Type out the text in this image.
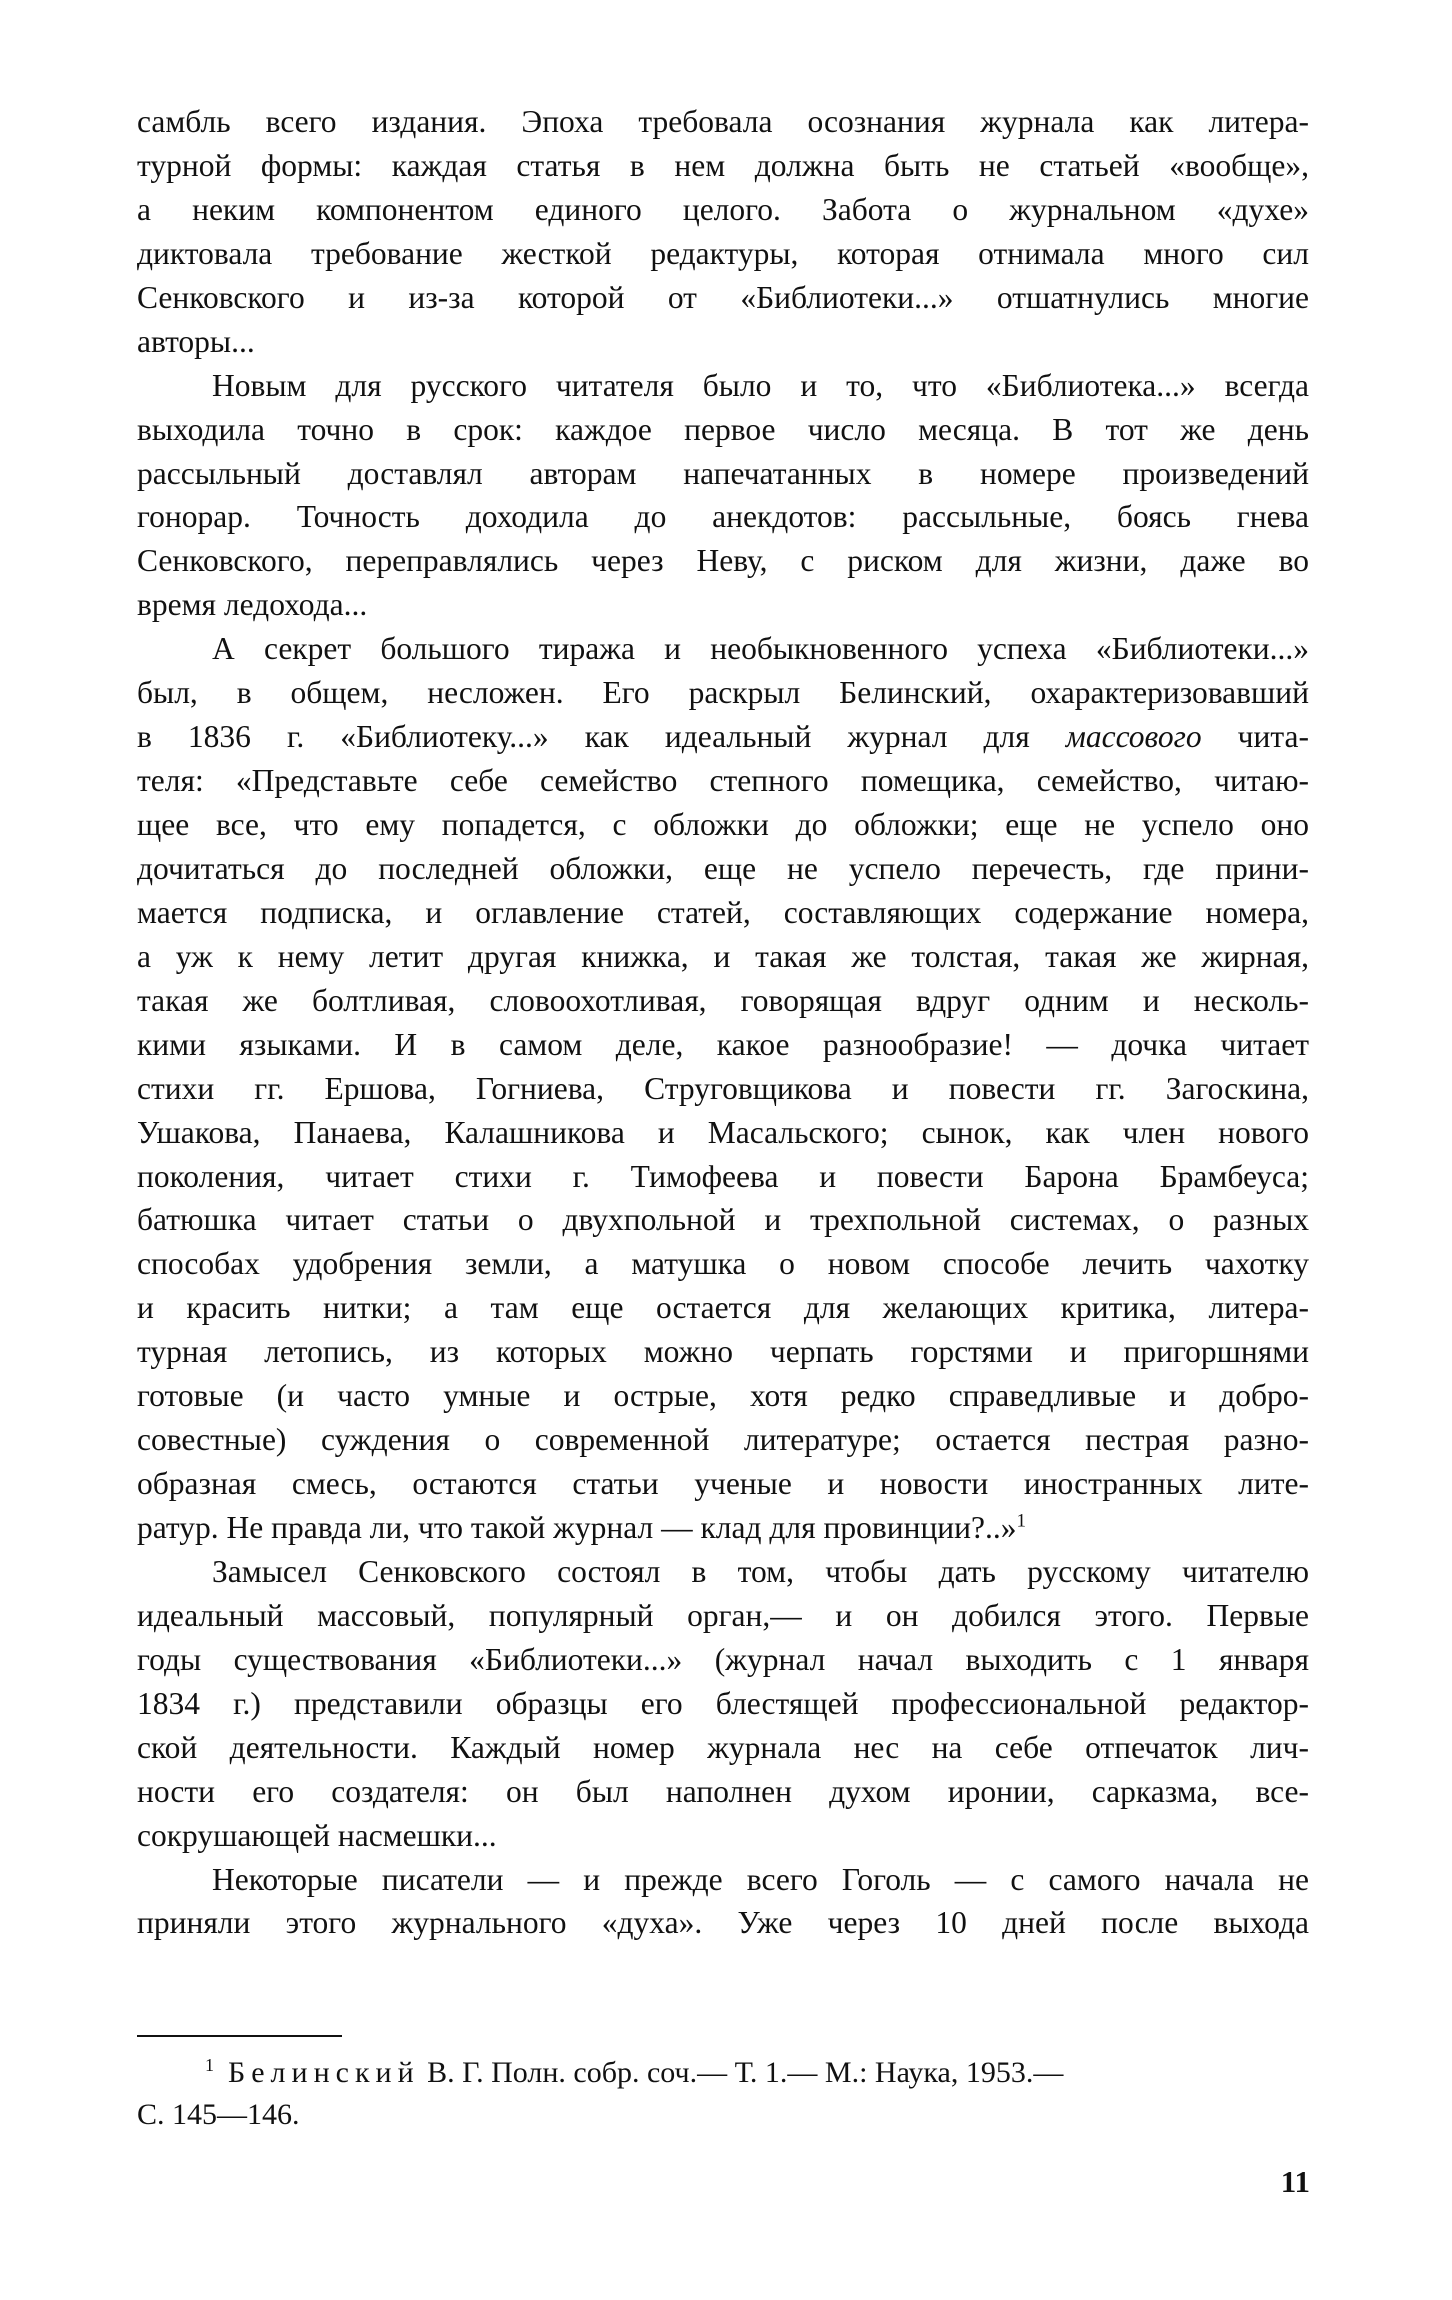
самбль всего издания. Эпоха требовала осознания журнала как литера-
турной формы: каждая статья в нем должна быть не статьей «вообще»,
а неким компонентом единого целого. Забота о журнальном «духе»
диктовала требование жесткой редактуры, которая отнимала много сил
Сенковского и из-за которой от «Библиотеки...» отшатнулись многие
авторы...
Новым для русского читателя было и то, что «Библиотека...» всегда
выходила точно в срок: каждое первое число месяца. В тот же день
рассыльный доставлял авторам напечатанных в номере произведений
гонорар. Точность доходила до анекдотов: рассыльные, боясь гнева
Сенковского, переправлялись через Неву, с риском для жизни, даже во
время ледохода...
А секрет большого тиража и необыкновенного успеха «Библиотеки...»
был, в общем, несложен. Его раскрыл Белинский, охарактеризовавший
в 1836 г. «Библиотеку...» как идеальный журнал для массового чита-
теля: «Представьте себе семейство степного помещика, семейство, читаю-
щее все, что ему попадется, с обложки до обложки; еще не успело оно
дочитаться до последней обложки, еще не успело перечесть, где прини-
мается подписка, и оглавление статей, составляющих содержание номера,
а уж к нему летит другая книжка, и такая же толстая, такая же жирная,
такая же болтливая, словоохотливая, говорящая вдруг одним и несколь-
кими языками. И в самом деле, какое разнообразие! — дочка читает
стихи гг. Ершова, Гогниева, Струговщикова и повести гг. Загоскина,
Ушакова, Панаева, Калашникова и Масальского; сынок, как член нового
поколения, читает стихи г. Тимофеева и повести Барона Брамбеуса;
батюшка читает статьи о двухпольной и трехпольной системах, о разных
способах удобрения земли, а матушка о новом способе лечить чахотку
и красить нитки; а там еще остается для желающих критика, литера-
турная летопись, из которых можно черпать горстями и пригоршнями
готовые (и часто умные и острые, хотя редко справедливые и добро-
совестные) суждения о современной литературе; остается пестрая разно-
образная смесь, остаются статьи ученые и новости иностранных лите-
ратур. Не правда ли, что такой журнал — клад для провинции?..»$^1$
Замысел Сенковского состоял в том, чтобы дать русскому читателю
идеальный массовый, популярный орган,— и он добился этого. Первые
годы существования «Библиотеки...» (журнал начал выходить с 1 января
1834 г.) представили образцы его блестящей профессиональной редактор-
ской деятельности. Каждый номер журнала нес на себе отпечаток лич-
ности его создателя: он был наполнен духом иронии, сарказма, все-
сокрушающей насмешки...
Некоторые писатели — и прежде всего Гоголь — с самого начала не
приняли этого журнального «духа». Уже через 10 дней после выхода
$^1$ Белинский В. Г. Полн. собр. соч.— Т. 1.— М.: Наука, 1953.—
С. 145—146.
11
